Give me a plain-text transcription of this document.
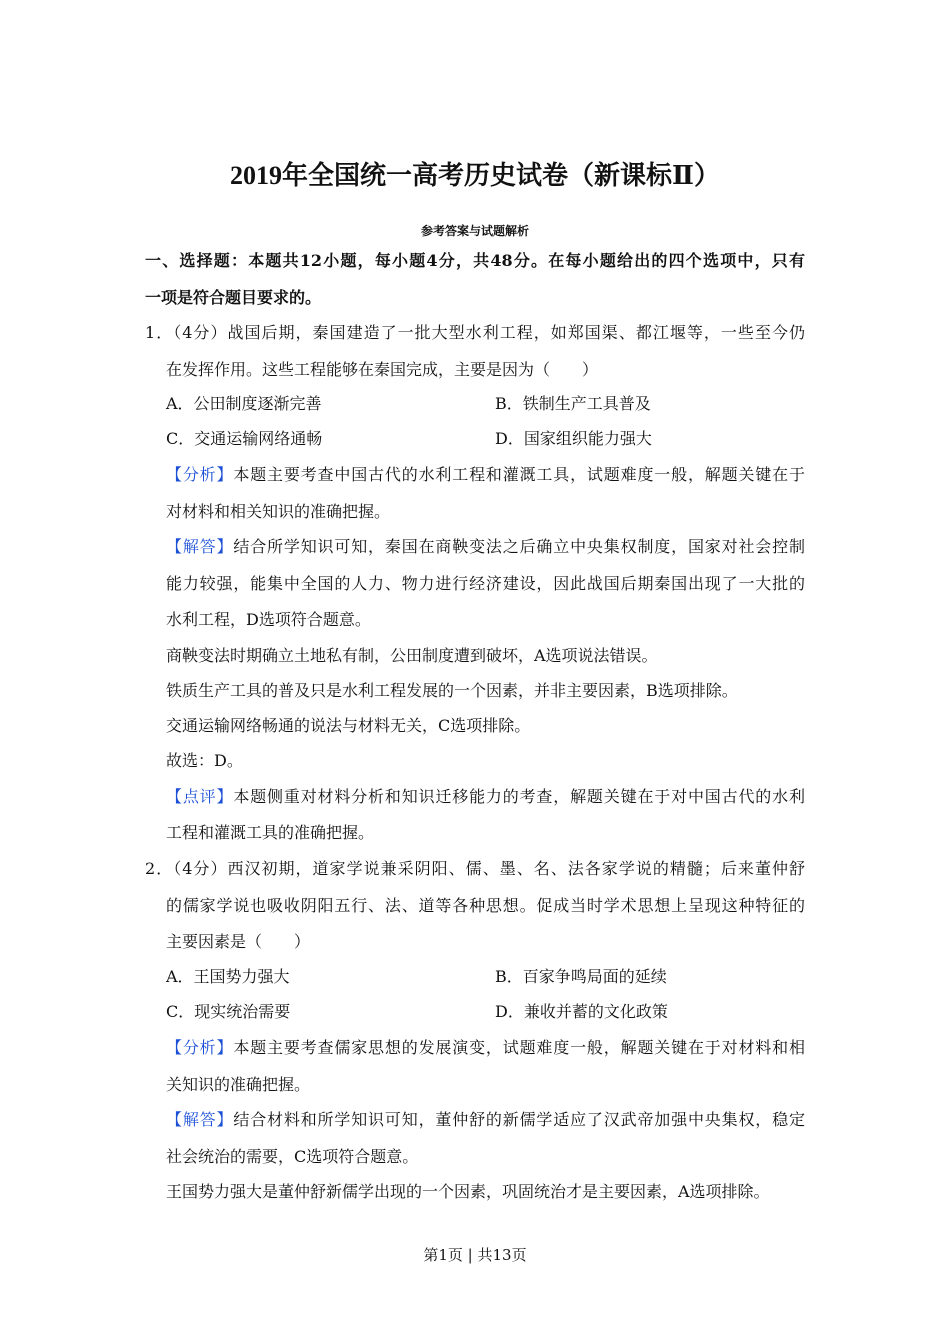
2019年全国统一高考历史试卷（新课标Ⅱ）
参考答案与试题解析
一、选择题：本题共12小题，每小题4分，共48分。在每小题给出的四个选项中，只有
一项是符合题目要求的。
1．（4分）战国后期，秦国建造了一批大型水利工程，如郑国渠、都江堰等，一些至今仍
在发挥作用。这些工程能够在秦国完成，主要是因为（　　）
A．公田制度逐渐完善	B．铁制生产工具普及
C．交通运输网络通畅	D．国家组织能力强大
【分析】本题主要考查中国古代的水利工程和灌溉工具，试题难度一般，解题关键在于
对材料和相关知识的准确把握。
【解答】结合所学知识可知，秦国在商鞅变法之后确立中央集权制度，国家对社会控制
能力较强，能集中全国的人力、物力进行经济建设，因此战国后期秦国出现了一大批的
水利工程，D选项符合题意。
商鞅变法时期确立土地私有制，公田制度遭到破坏，A选项说法错误。
铁质生产工具的普及只是水利工程发展的一个因素，并非主要因素，B选项排除。
交通运输网络畅通的说法与材料无关，C选项排除。
故选：D。
【点评】本题侧重对材料分析和知识迁移能力的考查，解题关键在于对中国古代的水利
工程和灌溉工具的准确把握。
2．（4分）西汉初期，道家学说兼采阴阳、儒、墨、名、法各家学说的精髓；后来董仲舒
的儒家学说也吸收阴阳五行、法、道等各种思想。促成当时学术思想上呈现这种特征的
主要因素是（　　）
A．王国势力强大	B．百家争鸣局面的延续
C．现实统治需要	D．兼收并蓄的文化政策
【分析】本题主要考查儒家思想的发展演变，试题难度一般，解题关键在于对材料和相
关知识的准确把握。
【解答】结合材料和所学知识可知，董仲舒的新儒学适应了汉武帝加强中央集权，稳定
社会统治的需要，C选项符合题意。
王国势力强大是董仲舒新儒学出现的一个因素，巩固统治才是主要因素，A选项排除。
第1页 | 共13页
